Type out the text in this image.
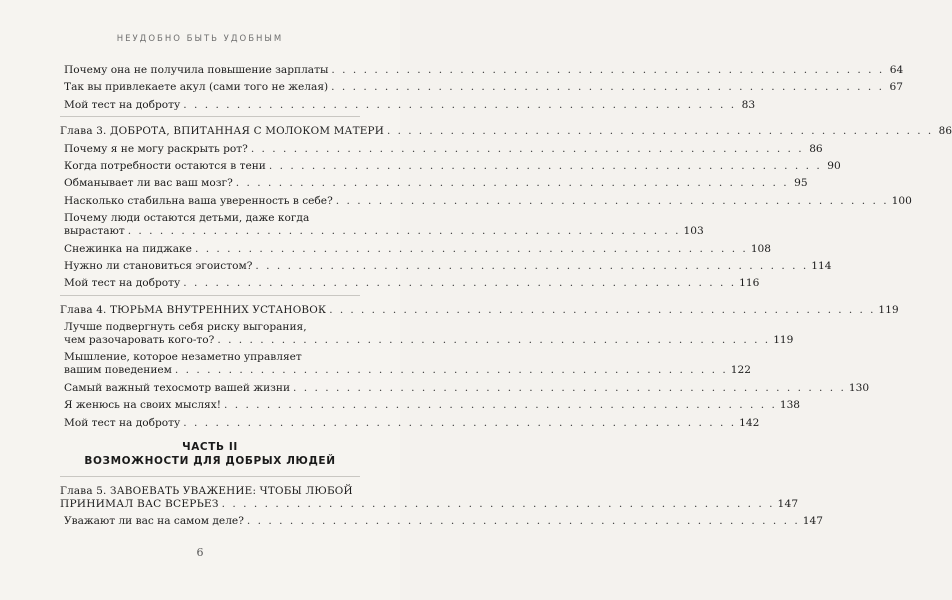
НЕУДОБНО БЫТЬ УДОБНЫМ
Почему она не получила повышение зарплаты . . .	64
Так вы привлекаете акул (сами того не желая) . . .	67
Мой тест на доброту . . .	83
Глава 3. ДОБРОТА, ВПИТАННАЯ С МОЛОКОМ МАТЕРИ . . .	86
Почему я не могу раскрыть рот? . . .	86
Когда потребности остаются в тени . . .	90
Обманывает ли вас ваш мозг? . . .	95
Насколько стабильна ваша уверенность в себе? . . .	100
Почему люди остаются детьми, даже когда
вырастают . . .	103
Снежинка на пиджаке . . .	108
Нужно ли становиться эгоистом? . . .	114
Мой тест на доброту . . .	116
Глава 4. ТЮРЬМА ВНУТРЕННИХ УСТАНОВОК . . .	119
Лучше подвергнуть себя риску выгорания,
чем разочаровать кого-то? . . .	119
Мышление, которое незаметно управляет
вашим поведением . . .	122
Самый важный техосмотр вашей жизни . . .	130
Я женюсь на своих мыслях! . . .	138
Мой тест на доброту . . .	142
ЧАСТЬ II
ВОЗМОЖНОСТИ ДЛЯ ДОБРЫХ ЛЮДЕЙ
Глава 5. ЗАВОЕВАТЬ УВАЖЕНИЕ: ЧТОБЫ ЛЮБОЙ
ПРИНИМАЛ ВАС ВСЕРЬЕЗ . . .	147
Уважают ли вас на самом деле? . . .	147
6
